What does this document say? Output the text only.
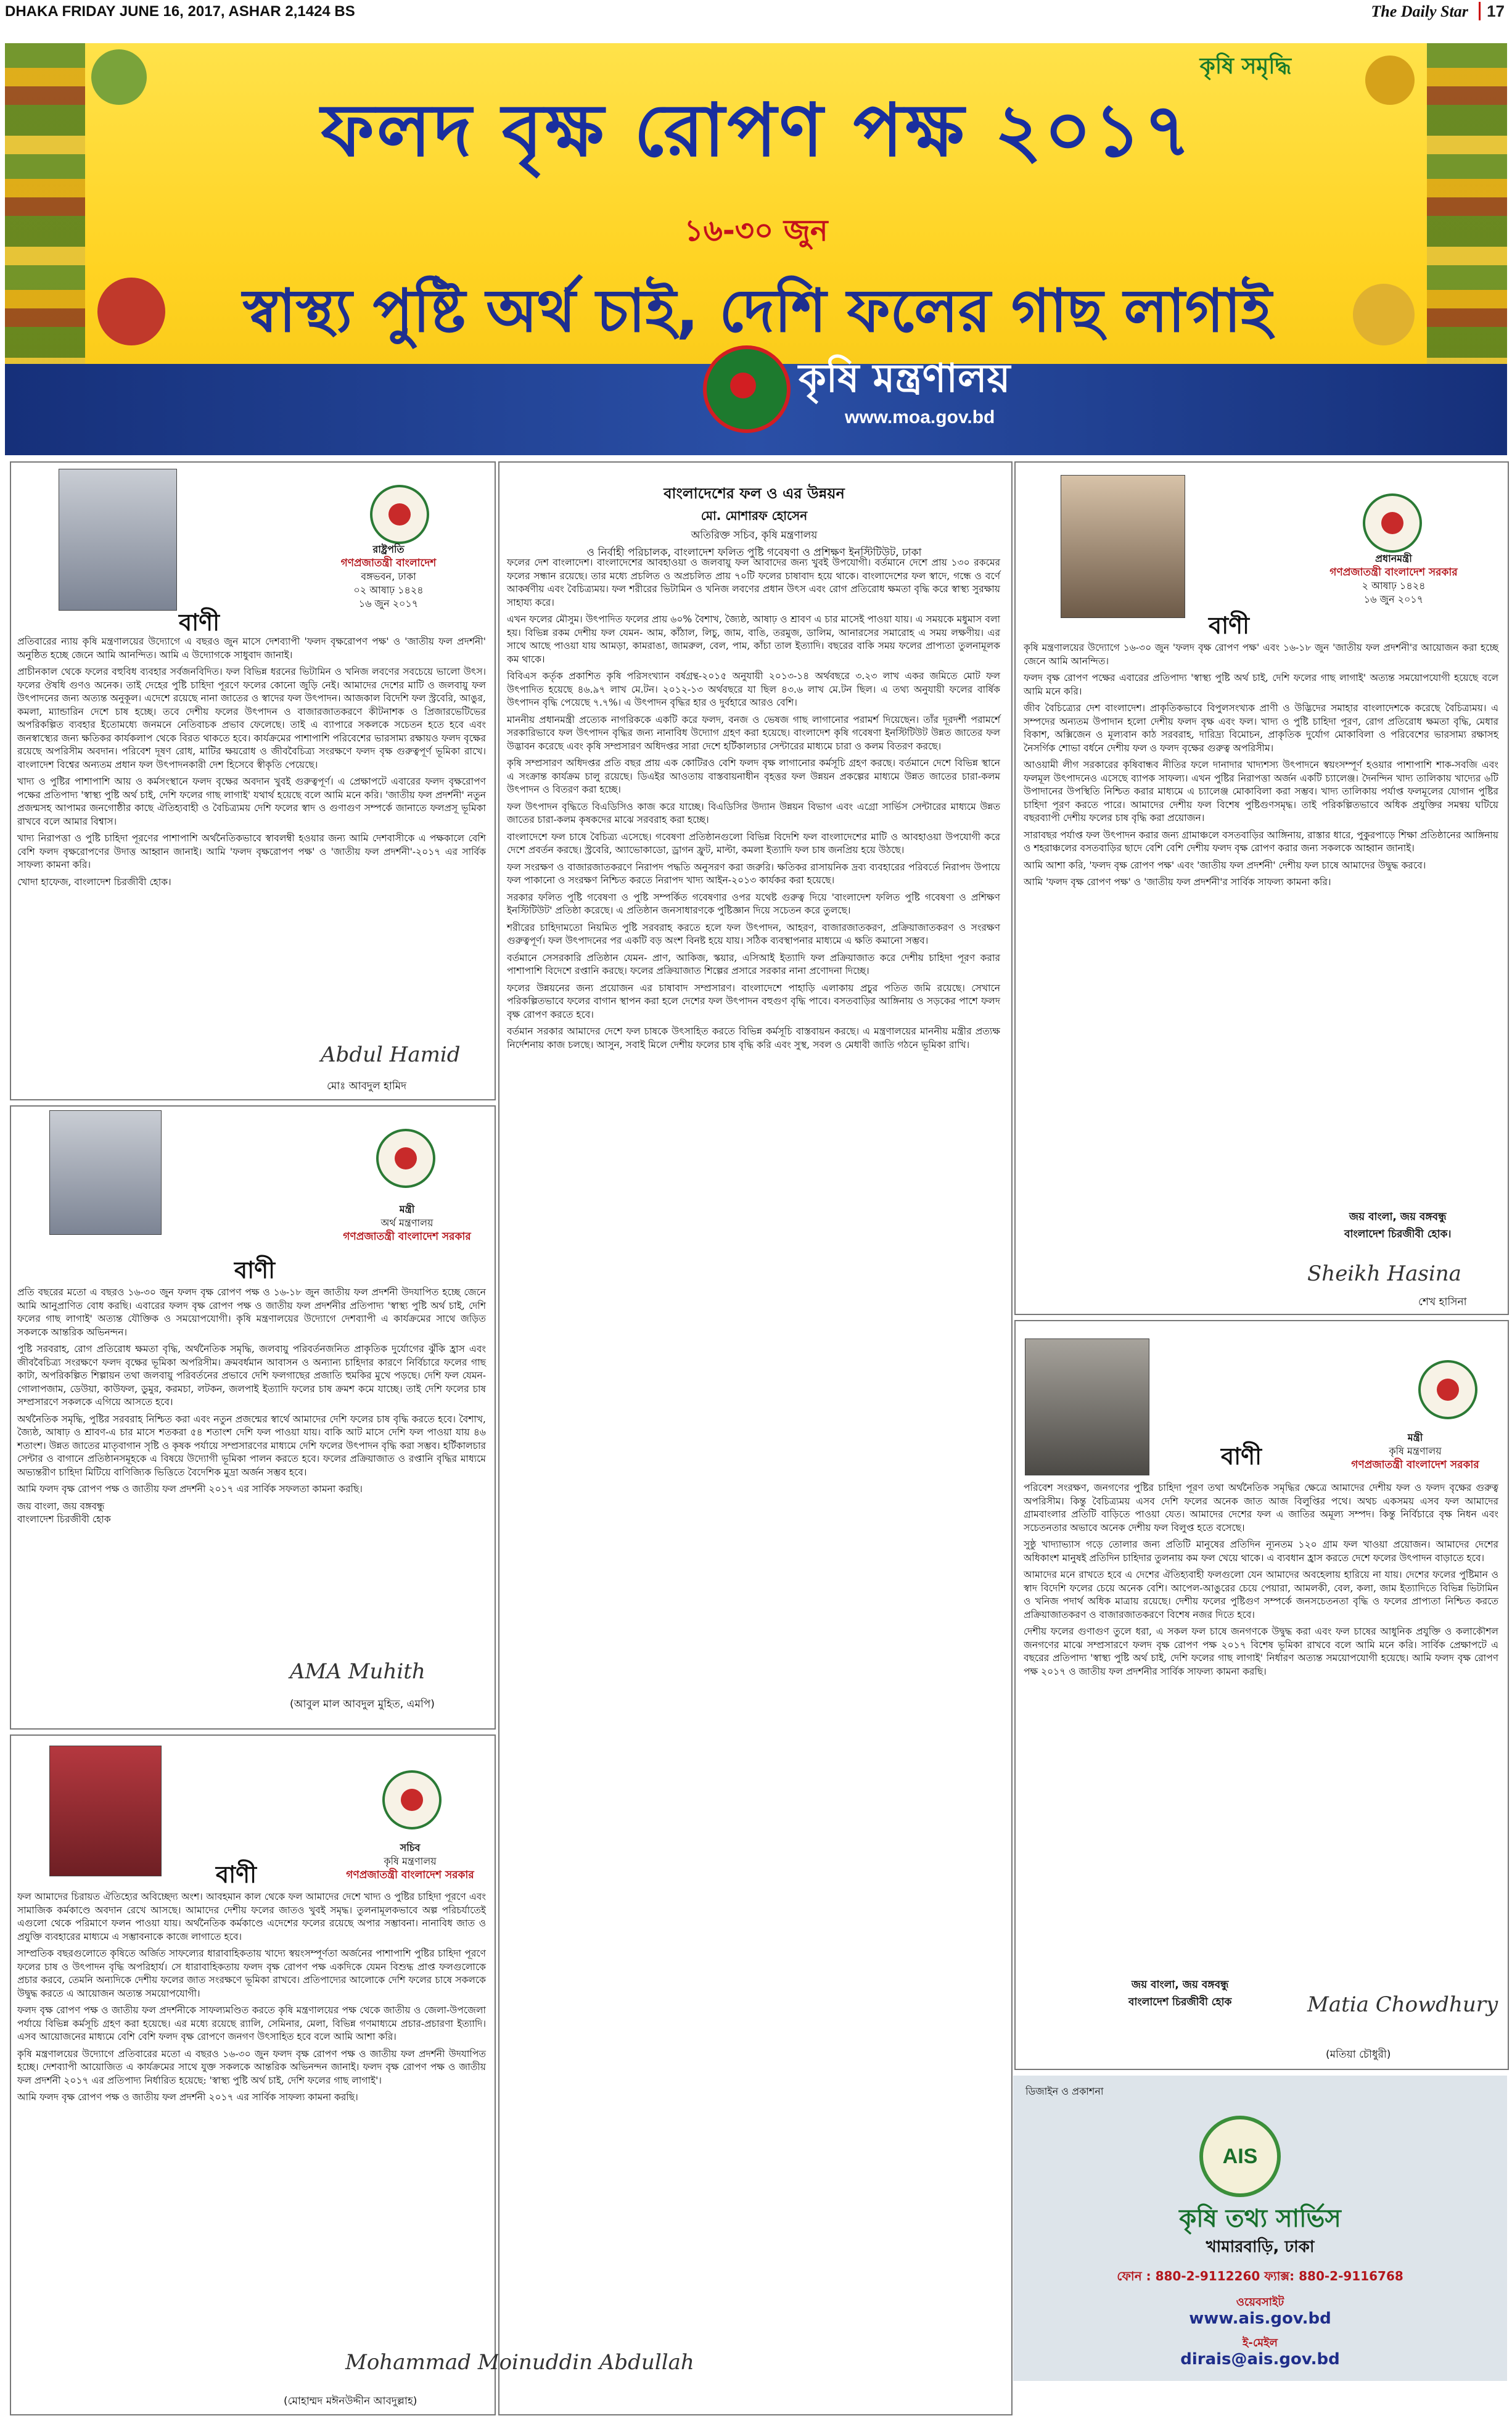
DHAKA FRIDAY JUNE 16, 2017, ASHAR 2,1424 BS	The Daily Star 17
কৃষি সমৃদ্ধি
ফলদ বৃক্ষ রোপণ পক্ষ ২০১৭
১৬-৩০ জুন
স্বাস্থ্য পুষ্টি অর্থ চাই, দেশি ফলের গাছ লাগাই
কৃষি মন্ত্রণালয়
www.moa.gov.bd
রাষ্ট্রপতি
গণপ্রজাতন্ত্রী বাংলাদেশ
বঙ্গভবন, ঢাকা
০২ আষাঢ় ১৪২৪
১৬ জুন ২০১৭
বাণী

প্রতিবারের ন্যায় কৃষি মন্ত্রণালয়ের উদ্যোগে এ বছরও জুন মাসে দেশব্যাপী 'ফলদ বৃক্ষরোপণ পক্ষ' ও 'জাতীয় ফল প্রদর্শনী' অনুষ্ঠিত হচ্ছে জেনে আমি আনন্দিত। আমি এ উদ্যোগকে সাধুবাদ জানাই।

প্রাচীনকাল থেকে ফলের বহুবিধ ব্যবহার সর্বজনবিদিত। ফল বিভিন্ন ধরনের ভিটামিন ও খনিজ লবণের সবচেয়ে ভালো উৎস। ফলের ঔষধি গুণও অনেক। তাই দেহের পুষ্টি চাহিদা পূরণে ফলের কোনো জুড়ি নেই। আমাদের দেশের মাটি ও জলবায়ু ফল উৎপাদনের জন্য অত্যন্ত অনুকূল। এদেশে রয়েছে নানা জাতের ও স্বাদের ফল উৎপাদন। আজকাল বিদেশি ফল স্ট্রবেরি, আঙুর, কমলা, ম্যান্ডারিন দেশে চাষ হচ্ছে। তবে দেশীয় ফলের উৎপাদন ও বাজারজাতকরণে কীটনাশক ও প্রিজারভেটিভের অপরিকল্পিত ব্যবহার ইতোমধ্যে জনমনে নেতিবাচক প্রভাব ফেলেছে। তাই এ ব্যাপারে সকলকে সচেতন হতে হবে এবং জনস্বাস্থ্যের জন্য ক্ষতিকর কার্যকলাপ থেকে বিরত থাকতে হবে। কার্যক্রমের পাশাপাশি পরিবেশের ভারসাম্য রক্ষায়ও ফলদ বৃক্ষের রয়েছে অপরিসীম অবদান। পরিবেশ দূষণ রোধ, মাটির ক্ষয়রোধ ও জীববৈচিত্র্য সংরক্ষণে ফলদ বৃক্ষ গুরুত্বপূর্ণ ভূমিকা রাখে। বাংলাদেশ বিশ্বের অন্যতম প্রধান ফল উৎপাদনকারী দেশ হিসেবে স্বীকৃতি পেয়েছে।

খাদ্য ও পুষ্টির পাশাপাশি আয় ও কর্মসংস্থানে ফলদ বৃক্ষের অবদান খুবই গুরুত্বপূর্ণ। এ প্রেক্ষাপটে এবারের ফলদ বৃক্ষরোপণ পক্ষের প্রতিপাদ্য 'স্বাস্থ্য পুষ্টি অর্থ চাই, দেশি ফলের গাছ লাগাই' যথার্থ হয়েছে বলে আমি মনে করি। 'জাতীয় ফল প্রদর্শনী' নতুন প্রজন্মসহ আপামর জনগোষ্ঠীর কাছে ঐতিহ্যবাহী ও বৈচিত্র্যময় দেশি ফলের স্বাদ ও গুণাগুণ সম্পর্কে জানাতে ফলপ্রসূ ভূমিকা রাখবে বলে আমার বিশ্বাস।

খাদ্য নিরাপত্তা ও পুষ্টি চাহিদা পূরণের পাশাপাশি অর্থনৈতিকভাবে স্বাবলম্বী হওয়ার জন্য আমি দেশবাসীকে এ পক্ষকালে বেশি বেশি ফলদ বৃক্ষরোপণের উদাত্ত আহ্বান জানাই। আমি 'ফলদ বৃক্ষরোপণ পক্ষ' ও 'জাতীয় ফল প্রদর্শনী'-২০১৭ এর সার্বিক সাফল্য কামনা করি।

খোদা হাফেজ, বাংলাদেশ চিরজীবী হোক।

Abdul Hamid
মোঃ আবদুল হামিদ
মন্ত্রী
অর্থ মন্ত্রণালয়
গণপ্রজাতন্ত্রী বাংলাদেশ সরকার
বাণী

প্রতি বছরের মতো এ বছরও ১৬-৩০ জুন ফলদ বৃক্ষ রোপণ পক্ষ ও ১৬-১৮ জুন জাতীয় ফল প্রদর্শনী উদযাপিত হচ্ছে জেনে আমি আনুপ্রাণিত বোধ করছি। এবারের ফলদ বৃক্ষ রোপণ পক্ষ ও জাতীয় ফল প্রদর্শনীর প্রতিপাদ্য 'স্বাস্থ্য পুষ্টি অর্থ চাই, দেশি ফলের গাছ লাগাই' অত্যন্ত যৌক্তিক ও সময়োপযোগী। কৃষি মন্ত্রণালয়ের উদ্যোগে দেশব্যাপী এ কার্যক্রমের সাথে জড়িত সকলকে আন্তরিক অভিনন্দন।

পুষ্টি সরবরাহ, রোগ প্রতিরোধ ক্ষমতা বৃদ্ধি, অর্থনৈতিক সমৃদ্ধি, জলবায়ু পরিবর্তনজনিত প্রাকৃতিক দুর্যোগের ঝুঁকি হ্রাস এবং জীববৈচিত্র্য সংরক্ষণে ফলদ বৃক্ষের ভূমিকা অপরিসীম। ক্রমবর্ধমান আবাসন ও অন্যান্য চাহিদার কারণে নির্বিচারে ফলের গাছ কাটা, অপরিকল্পিত শিল্পায়ন তথা জলবায়ু পরিবর্তনের প্রভাবে দেশি ফলগাছের প্রজাতি হুমকির মুখে পড়ছে। দেশি ফল যেমন- গোলাপজাম, ডেউয়া, কাউফল, ডুমুর, করমচা, লটকন, জলপাই ইত্যাদি ফলের চাষ ক্রমশ কমে যাচ্ছে। তাই দেশি ফলের চাষ সম্প্রসারণে সকলকে এগিয়ে আসতে হবে।

অর্থনৈতিক সমৃদ্ধি, পুষ্টির সরবরাহ নিশ্চিত করা এবং নতুন প্রজন্মের স্বার্থে আমাদের দেশি ফলের চাষ বৃদ্ধি করতে হবে। বৈশাখ, জ্যৈষ্ঠ, আষাঢ় ও শ্রাবণ-এ চার মাসে শতকরা ৫৪ শতাংশ দেশি ফল পাওয়া যায়। বাকি আট মাসে দেশি ফল পাওয়া যায় ৪৬ শতাংশ। উন্নত জাতের মাতৃবাগান সৃষ্টি ও কৃষক পর্যায়ে সম্প্রসারণের মাধ্যমে দেশি ফলের উৎপাদন বৃদ্ধি করা সম্ভব। হর্টিকালচার সেন্টার ও বাগানে প্রতিষ্ঠানসমূহকে এ বিষয়ে উদ্যোগী ভূমিকা পালন করতে হবে। ফলের প্রক্রিয়াজাত ও রপ্তানি বৃদ্ধির মাধ্যমে অভ্যন্তরীণ চাহিদা মিটিয়ে বাণিজ্যিক ভিত্তিতে বৈদেশিক মুদ্রা অর্জন সম্ভব হবে।

আমি ফলদ বৃক্ষ রোপণ পক্ষ ও জাতীয় ফল প্রদর্শনী ২০১৭ এর সার্বিক সফলতা কামনা করছি।

জয় বাংলা, জয় বঙ্গবন্ধু
বাংলাদেশ চিরজীবী হোক

AMA Muhith
(আবুল মাল আবদুল মুহিত, এমপি)
সচিব
কৃষি মন্ত্রণালয়
গণপ্রজাতন্ত্রী বাংলাদেশ সরকার
বাণী

ফল আমাদের চিরায়ত ঐতিহ্যের অবিচ্ছেদ্য অংশ। আবহমান কাল থেকে ফল আমাদের দেশে খাদ্য ও পুষ্টির চাহিদা পূরণে এবং সামাজিক কর্মকাণ্ডে অবদান রেখে আসছে। আমাদের দেশীয় ফলের জাতও খুবই সমৃদ্ধ। তুলনামূলকভাবে অল্প পরিচর্যাতেই এগুলো থেকে পরিমাণে ফলন পাওয়া যায়। অর্থনৈতিক কর্মকাণ্ডে এদেশের ফলের রয়েছে অপার সম্ভাবনা। নানাবিধ জাত ও প্রযুক্তি ব্যবহারের মাধ্যমে এ সম্ভাবনাকে কাজে লাগাতে হবে।

সাম্প্রতিক বছরগুলোতে কৃষিতে অর্জিত সাফল্যের ধারাবাহিকতায় খাদ্যে স্বয়ংসম্পূর্ণতা অর্জনের পাশাপাশি পুষ্টির চাহিদা পূরণে ফলের চাষ ও উৎপাদন বৃদ্ধি অপরিহার্য। সে ধারাবাহিকতায় ফলদ বৃক্ষ রোপণ পক্ষ একদিকে যেমন বিশুদ্ধ প্রাপ্ত ফলগুলোকে প্রচার করবে, তেমনি অন্যদিকে দেশীয় ফলের জাত সংরক্ষণে ভূমিকা রাখবে। প্রতিপাদ্যের আলোকে দেশি ফলের চাষে সকলকে উদ্বুদ্ধ করতে এ আয়োজন অত্যন্ত সময়োপযোগী।

ফলদ বৃক্ষ রোপণ পক্ষ ও জাতীয় ফল প্রদর্শনীকে সাফল্যমণ্ডিত করতে কৃষি মন্ত্রণালয়ের পক্ষ থেকে জাতীয় ও জেলা-উপজেলা পর্যায়ে বিভিন্ন কর্মসূচি গ্রহণ করা হয়েছে। এর মধ্যে রয়েছে র‍্যালি, সেমিনার, মেলা, বিভিন্ন গণমাধ্যমে প্রচার-প্রচারণা ইত্যাদি। এসব আয়োজনের মাধ্যমে বেশি বেশি ফলদ বৃক্ষ রোপণে জনগণ উৎসাহিত হবে বলে আমি আশা করি।

কৃষি মন্ত্রণালয়ের উদ্যোগে প্রতিবারের মতো এ বছরও ১৬-৩০ জুন ফলদ বৃক্ষ রোপণ পক্ষ ও জাতীয় ফল প্রদর্শনী উদযাপিত হচ্ছে। দেশব্যাপী আয়োজিত এ কার্যক্রমের সাথে যুক্ত সকলকে আন্তরিক অভিনন্দন জানাই। ফলদ বৃক্ষ রোপণ পক্ষ ও জাতীয় ফল প্রদর্শনী ২০১৭ এর প্রতিপাদ্য নির্ধারিত হয়েছে: 'স্বাস্থ্য পুষ্টি অর্থ চাই, দেশি ফলের গাছ লাগাই'।

আমি ফলদ বৃক্ষ রোপণ পক্ষ ও জাতীয় ফল প্রদর্শনী ২০১৭ এর সার্বিক সাফল্য কামনা করছি।

Mohammad Moinuddin Abdullah
(মোহাম্মদ মঈনউদ্দীন আবদুল্লাহ)
বাংলাদেশের ফল ও এর উন্নয়ন
মো. মোশারফ হোসেন
অতিরিক্ত সচিব, কৃষি মন্ত্রণালয়
ও নির্বাহী পরিচালক, বাংলাদেশ ফলিত পুষ্টি গবেষণা ও প্রশিক্ষণ ইনস্টিটিউট, ঢাকা

ফলের দেশ বাংলাদেশ। বাংলাদেশের আবহাওয়া ও জলবায়ু ফল আবাদের জন্য খুবই উপযোগী। বর্তমানে দেশে প্রায় ১৩০ রকমের ফলের সন্ধান রয়েছে। তার মধ্যে প্রচলিত ও অপ্রচলিত প্রায় ৭০টি ফলের চাষাবাদ হয়ে থাকে। বাংলাদেশের ফল স্বাদে, গন্ধে ও বর্ণে আকর্ষণীয় এবং বৈচিত্র্যময়। ফল শরীরের ভিটামিন ও খনিজ লবণের প্রধান উৎস এবং রোগ প্রতিরোধ ক্ষমতা বৃদ্ধি করে স্বাস্থ্য সুরক্ষায় সাহায্য করে।

এখন ফলের মৌসুম। উৎপাদিত ফলের প্রায় ৬০% বৈশাখ, জ্যৈষ্ঠ, আষাঢ় ও শ্রাবণ এ চার মাসেই পাওয়া যায়। এ সময়কে মধুমাস বলা হয়। বিভিন্ন রকম দেশীয় ফল যেমন- আম, কাঁঠাল, লিচু, জাম, বাঙি, তরমুজ, ডালিম, আনারসের সমারোহ এ সময় লক্ষণীয়। এর সাথে আছে পাওয়া যায় আমড়া, কামরাঙা, জামরুল, বেল, পাম, কাঁচা তাল ইত্যাদি। বছরের বাকি সময় ফলের প্রাপ্যতা তুলনামূলক কম থাকে।

বিবিএস কর্তৃক প্রকাশিত কৃষি পরিসংখ্যান বর্ষগ্রন্থ-২০১৫ অনুযায়ী ২০১৩-১৪ অর্থবছরে ৩.২৩ লাখ একর জমিতে মোট ফল উৎপাদিত হয়েছে ৪৬.৯৭ লাখ মে.টন। ২০১২-১৩ অর্থবছরে যা ছিল ৪৩.৬ লাখ মে.টন ছিল। এ তথ্য অনুযায়ী ফলের বার্ষিক উৎপাদন বৃদ্ধি পেয়েছে ৭.৭%। এ উৎপাদন বৃদ্ধির হার ও দুর্বহারে আরও বেশি।

মাননীয় প্রধানমন্ত্রী প্রত্যেক নাগরিককে একটি করে ফলদ, বনজ ও ভেষজ গাছ লাগানোর পরামর্শ দিয়েছেন। তাঁর দূরদর্শী পরামর্শে সরকারিভাবে ফল উৎপাদন বৃদ্ধির জন্য নানাবিধ উদ্যোগ গ্রহণ করা হয়েছে। বাংলাদেশ কৃষি গবেষণা ইনস্টিটিউট উন্নত জাতের ফল উদ্ভাবন করেছে এবং কৃষি সম্প্রসারণ অধিদপ্তর সারা দেশে হর্টিকালচার সেন্টারের মাধ্যমে চারা ও কলম বিতরণ করছে।

কৃষি সম্প্রসারণ অধিদপ্তর প্রতি বছর প্রায় এক কোটিরও বেশি ফলদ বৃক্ষ লাগানোর কর্মসূচি গ্রহণ করছে। বর্তমানে দেশে বিভিন্ন স্থানে এ সংক্রান্ত কার্যক্রম চালু রয়েছে। ডিএইর আওতায় বাস্তবায়নাধীন বৃহত্তর ফল উন্নয়ন প্রকল্পের মাধ্যমে উন্নত জাতের চারা-কলম উৎপাদন ও বিতরণ করা হচ্ছে।

ফল উৎপাদন বৃদ্ধিতে বিএডিসিও কাজ করে যাচ্ছে। বিএডিসির উদ্যান উন্নয়ন বিভাগ এবং এগ্রো সার্ভিস সেন্টারের মাধ্যমে উন্নত জাতের চারা-কলম কৃষকদের মাঝে সরবরাহ করা হচ্ছে।

বাংলাদেশে ফল চাষে বৈচিত্র্য এসেছে। গবেষণা প্রতিষ্ঠানগুলো বিভিন্ন বিদেশি ফল বাংলাদেশের মাটি ও আবহাওয়া উপযোগী করে দেশে প্রবর্তন করছে। স্ট্রবেরি, অ্যাভোকাডো, ড্রাগন ফ্রুট, মাল্টা, কমলা ইত্যাদি ফল চাষ জনপ্রিয় হয়ে উঠছে।

ফল সংরক্ষণ ও বাজারজাতকরণে নিরাপদ পদ্ধতি অনুসরণ করা জরুরি। ক্ষতিকর রাসায়নিক দ্রব্য ব্যবহারের পরিবর্তে নিরাপদ উপায়ে ফল পাকানো ও সংরক্ষণ নিশ্চিত করতে নিরাপদ খাদ্য আইন-২০১৩ কার্যকর করা হয়েছে।

সরকার ফলিত পুষ্টি গবেষণা ও পুষ্টি সম্পর্কিত গবেষণার ওপর যথেষ্ট গুরুত্ব দিয়ে 'বাংলাদেশ ফলিত পুষ্টি গবেষণা ও প্রশিক্ষণ ইনস্টিটিউট' প্রতিষ্ঠা করেছে। এ প্রতিষ্ঠান জনসাধারণকে পুষ্টিজ্ঞান দিয়ে সচেতন করে তুলছে।

শরীরের চাহিদামতো নিয়মিত পুষ্টি সরবরাহ করতে হলে ফল উৎপাদন, আহরণ, বাজারজাতকরণ, প্রক্রিয়াজাতকরণ ও সংরক্ষণ গুরুত্বপূর্ণ। ফল উৎপাদনের পর একটি বড় অংশ বিনষ্ট হয়ে যায়। সঠিক ব্যবস্থাপনার মাধ্যমে এ ক্ষতি কমানো সম্ভব।

বর্তমানে সেসরকারি প্রতিষ্ঠান যেমন- প্রাণ, আকিজ, স্কয়ার, এসিআই ইত্যাদি ফল প্রক্রিয়াজাত করে দেশীয় চাহিদা পূরণ করার পাশাপাশি বিদেশে রপ্তানি করছে। ফলের প্রক্রিয়াজাত শিল্পের প্রসারে সরকার নানা প্রণোদনা দিচ্ছে।

ফলের উন্নয়নের জন্য প্রয়োজন এর চাষাবাদ সম্প্রসারণ। বাংলাদেশে পাহাড়ি এলাকায় প্রচুর পতিত জমি রয়েছে। সেখানে পরিকল্পিতভাবে ফলের বাগান স্থাপন করা হলে দেশের ফল উৎপাদন বহুগুণ বৃদ্ধি পাবে। বসতবাড়ির আঙ্গিনায় ও সড়কের পাশে ফলদ বৃক্ষ রোপণ করতে হবে।

বর্তমান সরকার আমাদের দেশে ফল চাষকে উৎসাহিত করতে বিভিন্ন কর্মসূচি বাস্তবায়ন করছে। এ মন্ত্রণালয়ের মাননীয় মন্ত্রীর প্রত্যক্ষ নির্দেশনায় কাজ চলছে। আসুন, সবাই মিলে দেশীয় ফলের চাষ বৃদ্ধি করি এবং সুস্থ, সবল ও মেধাবী জাতি গঠনে ভূমিকা রাখি।

প্রধানমন্ত্রী
গণপ্রজাতন্ত্রী বাংলাদেশ সরকার
২ আষাঢ় ১৪২৪
১৬ জুন ২০১৭
বাণী

কৃষি মন্ত্রণালয়ের উদ্যোগে ১৬-৩০ জুন 'ফলদ বৃক্ষ রোপণ পক্ষ' এবং ১৬-১৮ জুন 'জাতীয় ফল প্রদর্শনী'র আয়োজন করা হচ্ছে জেনে আমি আনন্দিত।

ফলদ বৃক্ষ রোপণ পক্ষের এবারের প্রতিপাদ্য 'স্বাস্থ্য পুষ্টি অর্থ চাই, দেশি ফলের গাছ লাগাই' অত্যন্ত সময়োপযোগী হয়েছে বলে আমি মনে করি।

জীব বৈচিত্র্যের দেশ বাংলাদেশ। প্রাকৃতিকভাবে বিপুলসংখ্যক প্রাণী ও উদ্ভিদের সমাহার বাংলাদেশকে করেছে বৈচিত্র্যময়। এ সম্পদের অন্যতম উপাদান হলো দেশীয় ফলদ বৃক্ষ এবং ফল। খাদ্য ও পুষ্টি চাহিদা পূরণ, রোগ প্রতিরোধ ক্ষমতা বৃদ্ধি, মেধার বিকাশ, অক্সিজেন ও মূল্যবান কাঠ সরবরাহ, দারিদ্র্য বিমোচন, প্রাকৃতিক দুর্যোগ মোকাবিলা ও পরিবেশের ভারসাম্য রক্ষাসহ নৈসর্গিক শোভা বর্ধনে দেশীয় ফল ও ফলদ বৃক্ষের গুরুত্ব অপরিসীম।

আওয়ামী লীগ সরকারের কৃষিবান্ধব নীতির ফলে দানাদার খাদ্যশস্য উৎপাদনে স্বয়ংসম্পূর্ণ হওয়ার পাশাপাশি শাক-সবজি এবং ফলমূল উৎপাদনেও এসেছে ব্যাপক সাফল্য। এখন পুষ্টির নিরাপত্তা অর্জন একটি চ্যালেঞ্জ। দৈনন্দিন খাদ্য তালিকায় খাদ্যের ৬টি উপাদানের উপস্থিতি নিশ্চিত করার মাধ্যমে এ চ্যালেঞ্জ মোকাবিলা করা সম্ভব। খাদ্য তালিকায় পর্যাপ্ত ফলমূলের যোগান পুষ্টির চাহিদা পূরণ করতে পারে। আমাদের দেশীয় ফল বিশেষ পুষ্টিগুণসমৃদ্ধ। তাই পরিকল্পিতভাবে অধিক প্রযুক্তির সমন্বয় ঘটিয়ে বছরব্যাপী দেশীয় ফলের চাষ বৃদ্ধি করা প্রয়োজন।

সারাবছর পর্যাপ্ত ফল উৎপাদন করার জন্য গ্রামাঞ্চলে বসতবাড়ির আঙ্গিনায়, রাস্তার ধারে, পুকুরপাড়ে শিক্ষা প্রতিষ্ঠানের আঙ্গিনায় ও শহরাঞ্চলের বসতবাড়ির ছাদে বেশি বেশি দেশীয় ফলদ বৃক্ষ রোপণ করার জন্য সকলকে আহ্বান জানাই।

আমি আশা করি, 'ফলদ বৃক্ষ রোপণ পক্ষ' এবং 'জাতীয় ফল প্রদর্শনী' দেশীয় ফল চাষে আমাদের উদ্বুদ্ধ করবে।

আমি 'ফলদ বৃক্ষ রোপণ পক্ষ' ও 'জাতীয় ফল প্রদর্শনী'র সার্বিক সাফল্য কামনা করি।

জয় বাংলা, জয় বঙ্গবন্ধু
বাংলাদেশ চিরজীবী হোক।
Sheikh Hasina
শেখ হাসিনা
মন্ত্রী
কৃষি মন্ত্রণালয়
গণপ্রজাতন্ত্রী বাংলাদেশ সরকার
বাণী

পরিবেশ সংরক্ষণ, জনগণের পুষ্টির চাহিদা পূরণ তথা অর্থনৈতিক সমৃদ্ধির ক্ষেত্রে আমাদের দেশীয় ফল ও ফলদ বৃক্ষের গুরুত্ব অপরিসীম। কিন্তু বৈচিত্র্যময় এসব দেশি ফলের অনেক জাত আজ বিলুপ্তির পথে। অথচ একসময় এসব ফল আমাদের গ্রামবাংলার প্রতিটি বাড়িতে পাওয়া যেত। আমাদের দেশের ফল এ জাতির অমূল্য সম্পদ। কিন্তু নির্বিচারে বৃক্ষ নিধন এবং সচেতনতার অভাবে অনেক দেশীয় ফল বিলুপ্ত হতে বসেছে।

সুষ্ঠু খাদ্যাভ্যাস গড়ে তোলার জন্য প্রতিটি মানুষের প্রতিদিন ন্যূনতম ১২০ গ্রাম ফল খাওয়া প্রয়োজন। আমাদের দেশের অধিকাংশ মানুষই প্রতিদিন চাহিদার তুলনায় কম ফল খেয়ে থাকে। এ ব্যবধান হ্রাস করতে দেশে ফলের উৎপাদন বাড়াতে হবে।

আমাদের মনে রাখতে হবে এ দেশের ঐতিহ্যবাহী ফলগুলো যেন আমাদের অবহেলায় হারিয়ে না যায়। দেশের ফলের পুষ্টিমান ও স্বাদ বিদেশি ফলের চেয়ে অনেক বেশি। আপেল-আঙুরের চেয়ে পেয়ারা, আমলকী, বেল, কলা, জাম ইত্যাদিতে বিভিন্ন ভিটামিন ও খনিজ পদার্থ অধিক মাত্রায় রয়েছে। দেশীয় ফলের পুষ্টিগুণ সম্পর্কে জনসচেতনতা বৃদ্ধি ও ফলের প্রাপ্যতা নিশ্চিত করতে প্রক্রিয়াজাতকরণ ও বাজারজাতকরণে বিশেষ নজর দিতে হবে।

দেশীয় ফলের গুণাগুণ তুলে ধরা, এ সকল ফল চাষে জনগণকে উদ্বুদ্ধ করা এবং ফল চাষের আধুনিক প্রযুক্তি ও কলাকৌশল জনগণের মাঝে সম্প্রসারণে ফলদ বৃক্ষ রোপণ পক্ষ ২০১৭ বিশেষ ভূমিকা রাখবে বলে আমি মনে করি। সার্বিক প্রেক্ষাপটে এ বছরের প্রতিপাদ্য 'স্বাস্থ্য পুষ্টি অর্থ চাই, দেশি ফলের গাছ লাগাই' নির্ধারণ অত্যন্ত সময়োপযোগী হয়েছে। আমি ফলদ বৃক্ষ রোপণ পক্ষ ২০১৭ ও জাতীয় ফল প্রদর্শনীর সার্বিক সাফল্য কামনা করছি।

জয় বাংলা, জয় বঙ্গবন্ধু
বাংলাদেশ চিরজীবী হোক	Matia Chowdhury
(মতিয়া চৌধুরী)
ডিজাইন ও প্রকাশনা
AIS
কৃষি তথ্য সার্ভিস
খামারবাড়ি, ঢাকা
ফোন : 880-2-9112260 ফ্যাক্স: 880-2-9116768
ওয়েবসাইট
www.ais.gov.bd
ই-মেইল
dirais@ais.gov.bd
